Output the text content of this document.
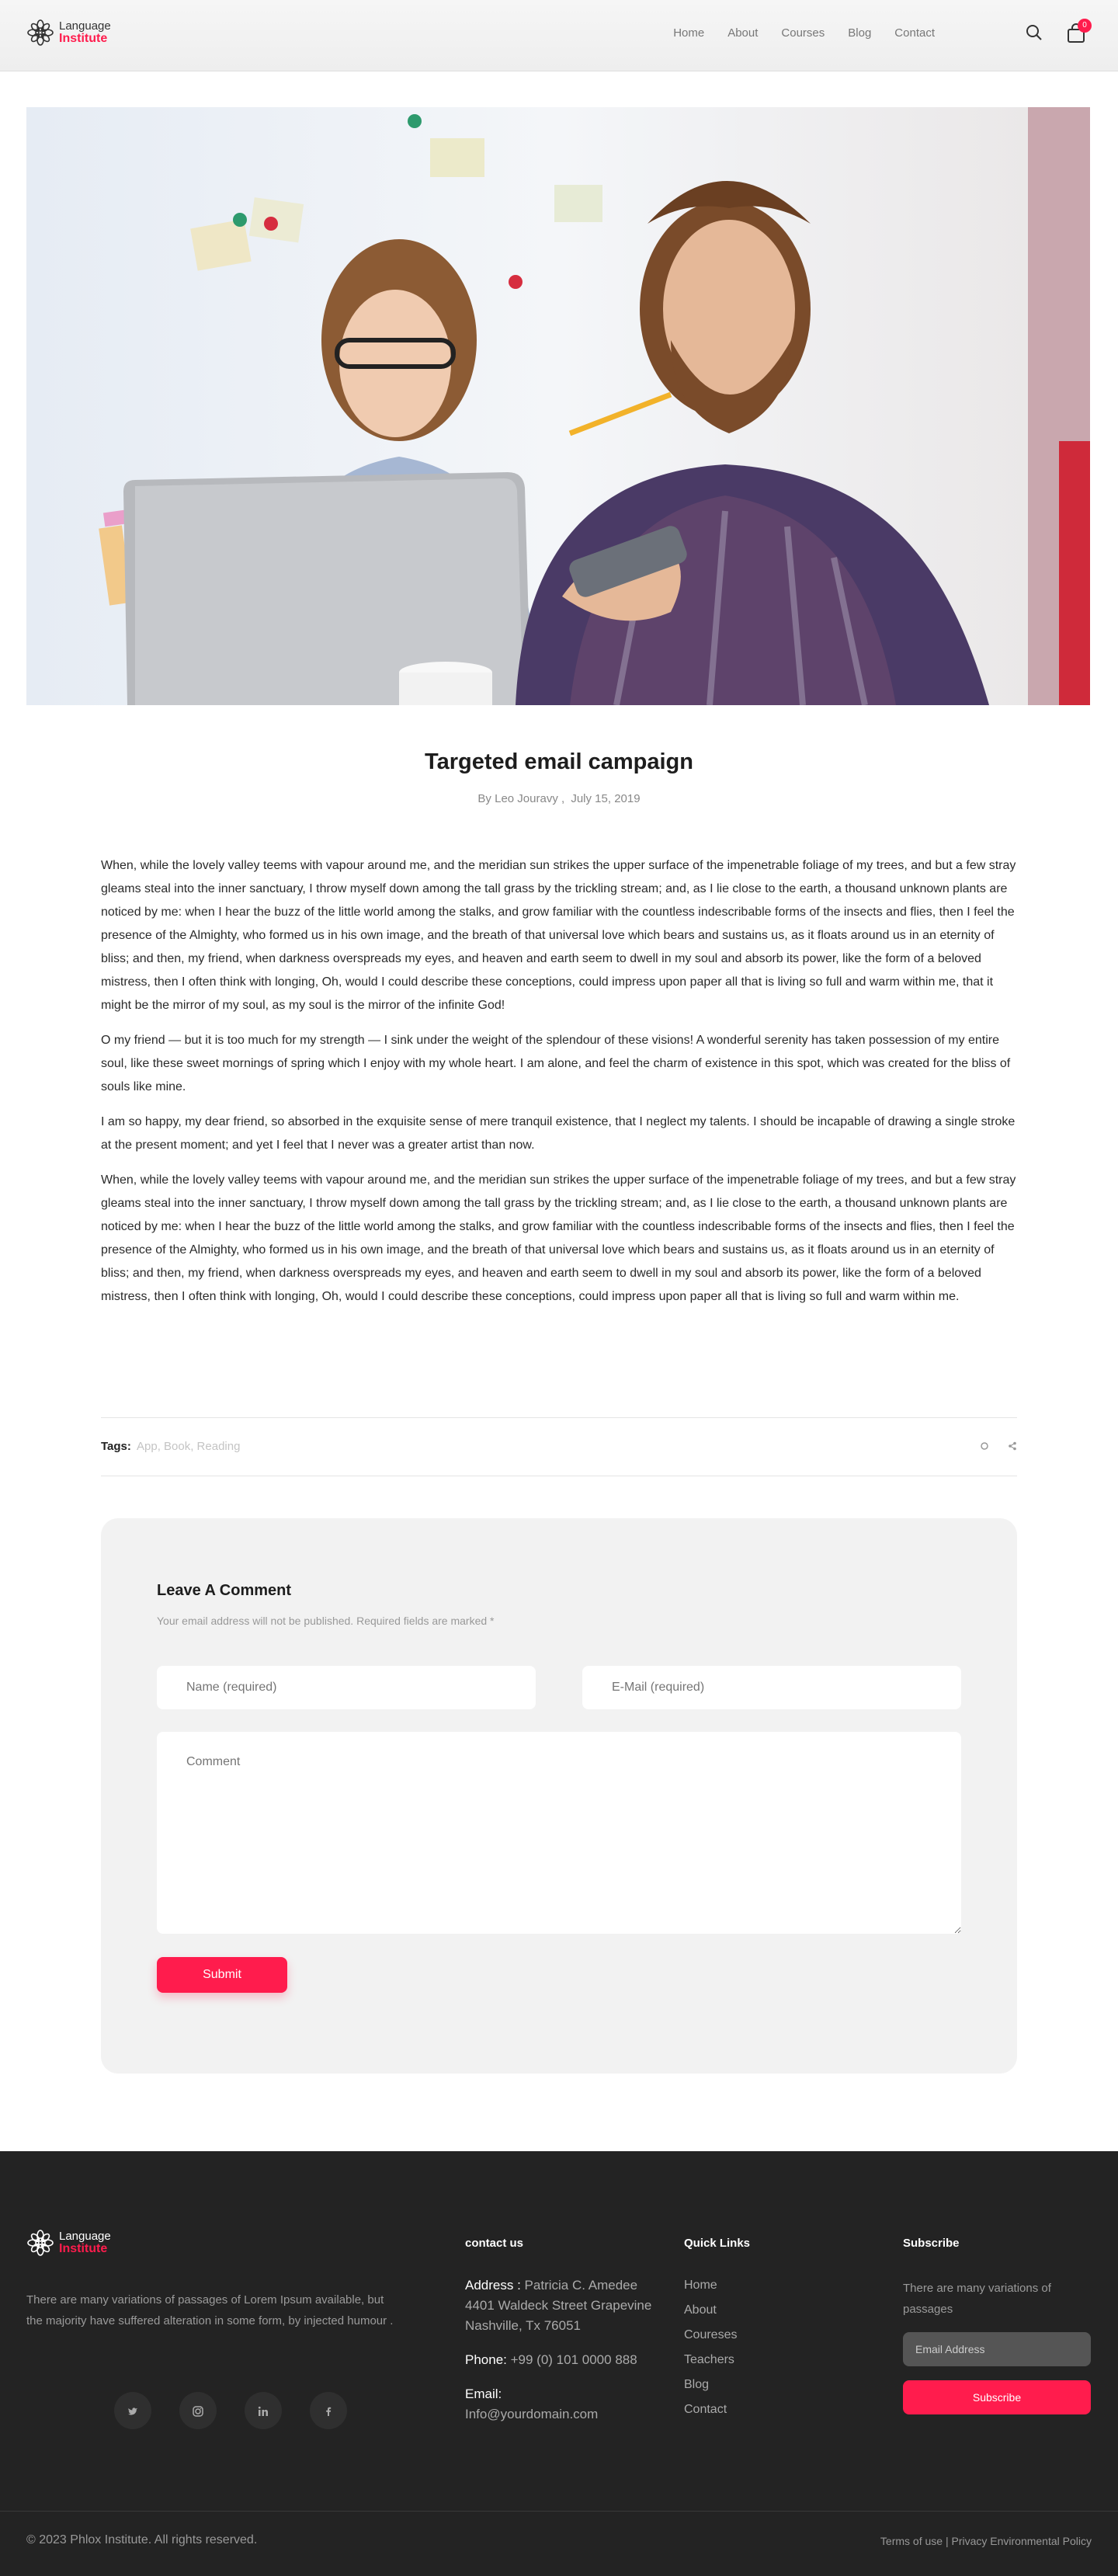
Language
Institute	Home About Courses Blog Contact
0
Targeted email campaign
By Leo Jouravy , July 15, 2019

When, while the lovely valley teems with vapour around me, and the meridian sun strikes the upper surface of the impenetrable foliage of my trees, and but a few stray gleams steal into the inner sanctuary, I throw myself down among the tall grass by the trickling stream; and, as I lie close to the earth, a thousand unknown plants are noticed by me: when I hear the buzz of the little world among the stalks, and grow familiar with the countless indescribable forms of the insects and flies, then I feel the presence of the Almighty, who formed us in his own image, and the breath of that universal love which bears and sustains us, as it floats around us in an eternity of bliss; and then, my friend, when darkness overspreads my eyes, and heaven and earth seem to dwell in my soul and absorb its power, like the form of a beloved mistress, then I often think with longing, Oh, would I could describe these conceptions, could impress upon paper all that is living so full and warm within me, that it might be the mirror of my soul, as my soul is the mirror of the infinite God!

O my friend — but it is too much for my strength — I sink under the weight of the splendour of these visions! A wonderful serenity has taken possession of my entire soul, like these sweet mornings of spring which I enjoy with my whole heart. I am alone, and feel the charm of existence in this spot, which was created for the bliss of souls like mine.

I am so happy, my dear friend, so absorbed in the exquisite sense of mere tranquil existence, that I neglect my talents. I should be incapable of drawing a single stroke at the present moment; and yet I feel that I never was a greater artist than now.

When, while the lovely valley teems with vapour around me, and the meridian sun strikes the upper surface of the impenetrable foliage of my trees, and but a few stray gleams steal into the inner sanctuary, I throw myself down among the tall grass by the trickling stream; and, as I lie close to the earth, a thousand unknown plants are noticed by me: when I hear the buzz of the little world among the stalks, and grow familiar with the countless indescribable forms of the insects and flies, then I feel the presence of the Almighty, who formed us in his own image, and the breath of that universal love which bears and sustains us, as it floats around us in an eternity of bliss; and then, my friend, when darkness overspreads my eyes, and heaven and earth seem to dwell in my soul and absorb its power, like the form of a beloved mistress, then I often think with longing, Oh, would I could describe these conceptions, could impress upon paper all that is living so full and warm within me.

Tags: App, Book, Reading
Leave A Comment

Your email address will not be published. Required fields are marked *

Name (required)
E-Mail (required)
Comment
Submit
Language
Institute

There are many variations of passages of Lorem Ipsum available, but the majority have suffered alteration in some form, by injected humour .

contact us
Address : Patricia C. Amedee 4401 Waldeck Street Grapevine Nashville, Tx 76051
Phone: +99 (0) 101 0000 888
Email:
Info@yourdomain.com
Quick Links
Home
About
Coureses
Teachers
Blog
Contact
Subscribe

There are many variations of passages

Email Address
Subscribe
© 2023 Phlox Institute. All rights reserved.	Terms of use | Privacy Environmental Policy
